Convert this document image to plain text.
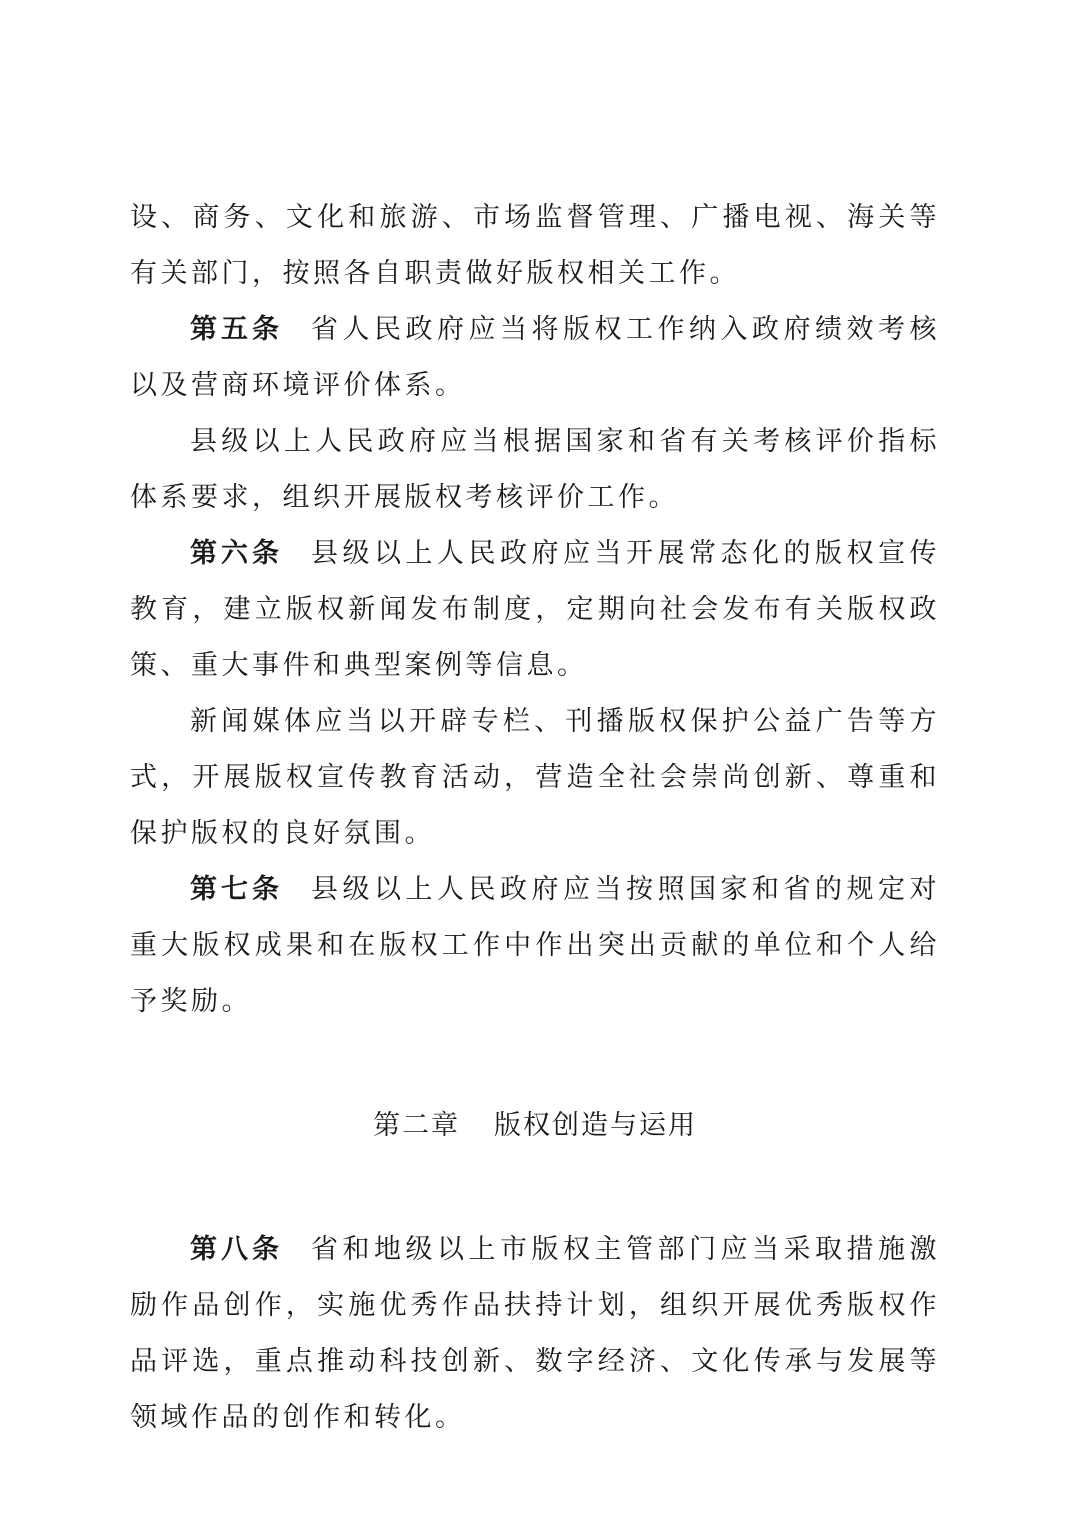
设、商务、文化和旅游、市场监督管理、广播电视、海关等有关部门，按照各自职责做好版权相关工作。

第五条 省人民政府应当将版权工作纳入政府绩效考核以及营商环境评价体系。

县级以上人民政府应当根据国家和省有关考核评价指标体系要求，组织开展版权考核评价工作。

第六条 县级以上人民政府应当开展常态化的版权宣传教育，建立版权新闻发布制度，定期向社会发布有关版权政策、重大事件和典型案例等信息。

新闻媒体应当以开辟专栏、刊播版权保护公益广告等方式，开展版权宣传教育活动，营造全社会崇尚创新、尊重和保护版权的良好氛围。

第七条 县级以上人民政府应当按照国家和省的规定对重大版权成果和在版权工作中作出突出贡献的单位和个人给予奖励。

第二章 版权创造与运用

第八条 省和地级以上市版权主管部门应当采取措施激励作品创作，实施优秀作品扶持计划，组织开展优秀版权作品评选，重点推动科技创新、数字经济、文化传承与发展等领域作品的创作和转化。
